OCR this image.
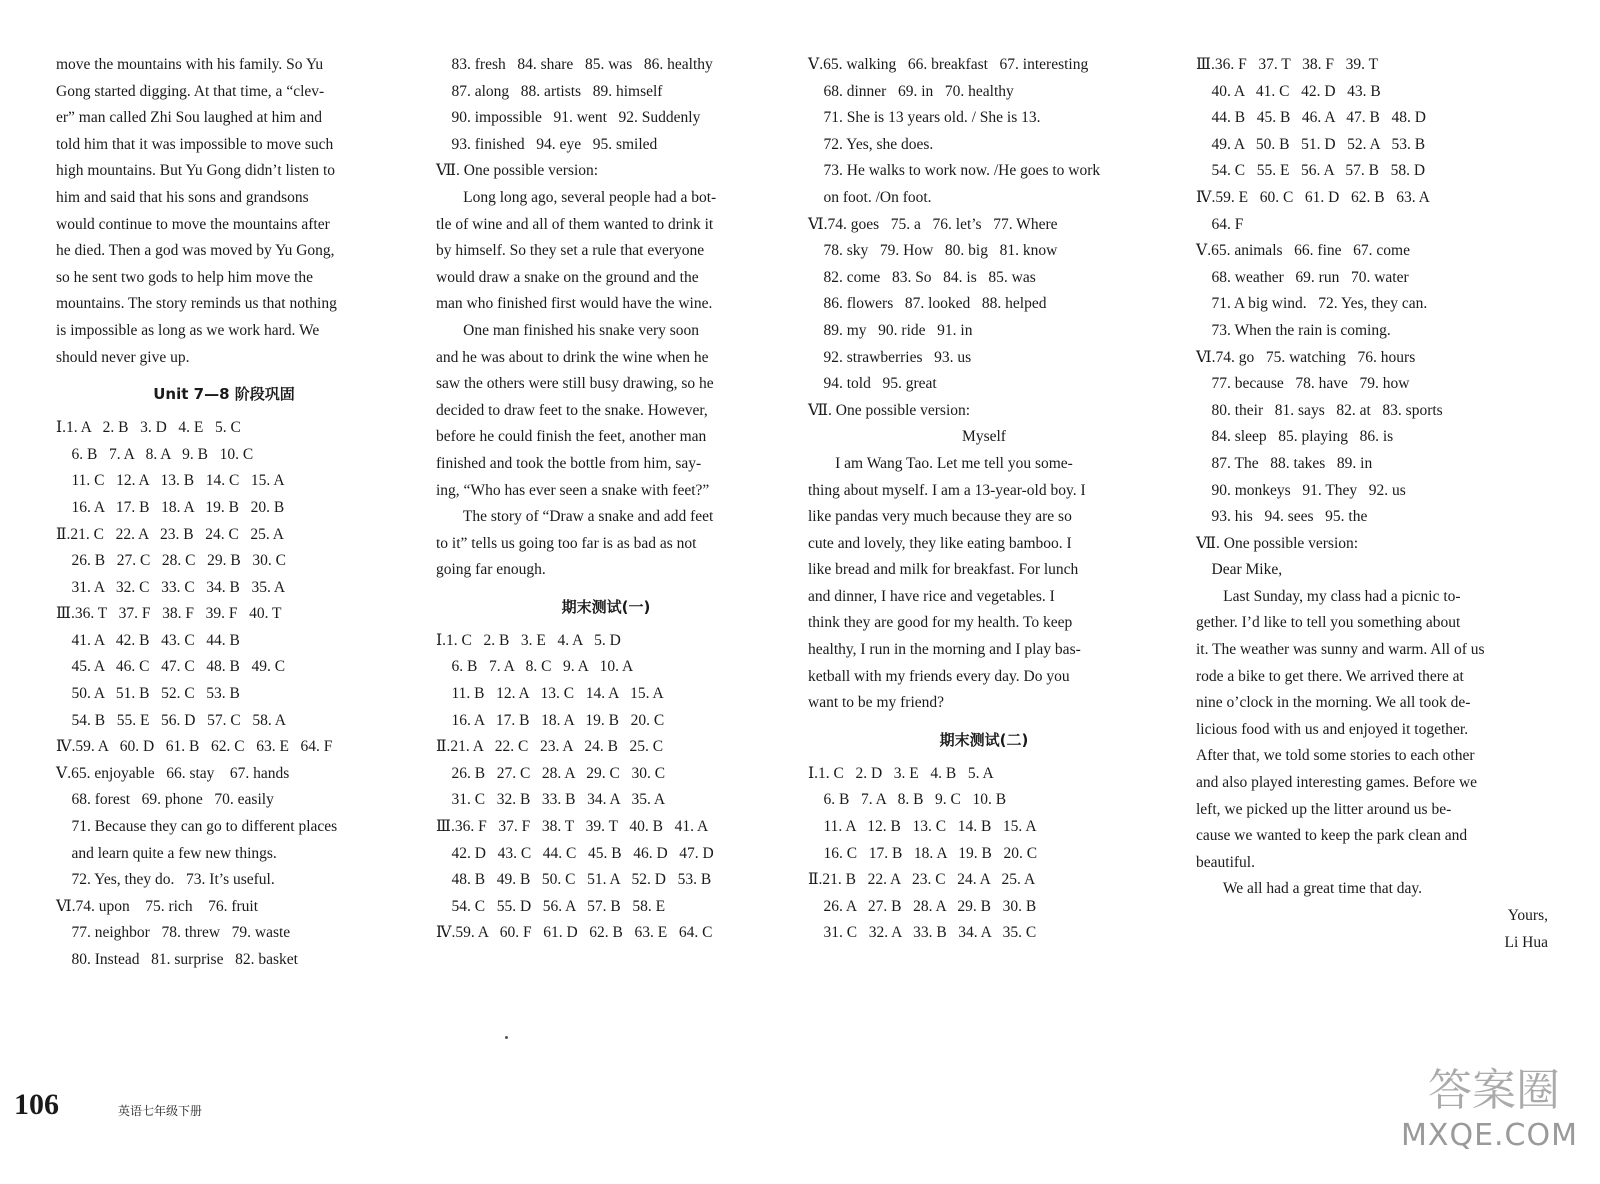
move the mountains with his family. So Yu
Gong started digging. At that time, a “clev-
er” man called Zhi Sou laughed at him and
told him that it was impossible to move such
high mountains. But Yu Gong didn’t listen to
him and said that his sons and grandsons
would continue to move the mountains after
he died. Then a god was moved by Yu Gong,
so he sent two gods to help him move the
mountains. The story reminds us that nothing
is impossible as long as we work hard. We
should never give up.
Unit 7—8 阶段巩固
Ⅰ.1. A   2. B   3. D   4. E   5. C
6. B   7. A   8. A   9. B   10. C
11. C   12. A   13. B   14. C   15. A
16. A   17. B   18. A   19. B   20. B
Ⅱ.21. C   22. A   23. B   24. C   25. A
26. B   27. C   28. C   29. B   30. C
31. A   32. C   33. C   34. B   35. A
Ⅲ.36. T   37. F   38. F   39. F   40. T
41. A   42. B   43. C   44. B
45. A   46. C   47. C   48. B   49. C
50. A   51. B   52. C   53. B
54. B   55. E   56. D   57. C   58. A
Ⅳ.59. A   60. D   61. B   62. C   63. E   64. F
Ⅴ.65. enjoyable   66. stay    67. hands
68. forest   69. phone   70. easily
71. Because they can go to different places
and learn quite a few new things.
72. Yes, they do.   73. It’s useful.
Ⅵ.74. upon    75. rich    76. fruit
77. neighbor   78. threw   79. waste
80. Instead   81. surprise   82. basket
83. fresh   84. share   85. was   86. healthy
87. along   88. artists   89. himself
90. impossible   91. went   92. Suddenly
93. finished   94. eye   95. smiled
Ⅶ. One possible version:
Long long ago, several people had a bot-
tle of wine and all of them wanted to drink it
by himself. So they set a rule that everyone
would draw a snake on the ground and the
man who finished first would have the wine.
One man finished his snake very soon
and he was about to drink the wine when he
saw the others were still busy drawing, so he
decided to draw feet to the snake. However,
before he could finish the feet, another man
finished and took the bottle from him, say-
ing, “Who has ever seen a snake with feet?”
The story of “Draw a snake and add feet
to it” tells us going too far is as bad as not
going far enough.
期末测试(一)
Ⅰ.1. C   2. B   3. E   4. A   5. D
6. B   7. A   8. C   9. A   10. A
11. B   12. A   13. C   14. A   15. A
16. A   17. B   18. A   19. B   20. C
Ⅱ.21. A   22. C   23. A   24. B   25. C
26. B   27. C   28. A   29. C   30. C
31. C   32. B   33. B   34. A   35. A
Ⅲ.36. F   37. F   38. T   39. T   40. B   41. A
42. D   43. C   44. C   45. B   46. D   47. D
48. B   49. B   50. C   51. A   52. D   53. B
54. C   55. D   56. A   57. B   58. E
Ⅳ.59. A   60. F   61. D   62. B   63. E   64. C
Ⅴ.65. walking   66. breakfast   67. interesting
68. dinner   69. in   70. healthy
71. She is 13 years old. / She is 13.
72. Yes, she does.
73. He walks to work now. /He goes to work
on foot. /On foot.
Ⅵ.74. goes   75. a   76. let’s   77. Where
78. sky   79. How   80. big   81. know
82. come   83. So   84. is   85. was
86. flowers   87. looked   88. helped
89. my   90. ride   91. in
92. strawberries   93. us
94. told   95. great
Ⅶ. One possible version:
Myself
I am Wang Tao. Let me tell you some-
thing about myself. I am a 13-year-old boy. I
like pandas very much because they are so
cute and lovely, they like eating bamboo. I
like bread and milk for breakfast. For lunch
and dinner, I have rice and vegetables. I
think they are good for my health. To keep
healthy, I run in the morning and I play bas-
ketball with my friends every day. Do you
want to be my friend?
期末测试(二)
Ⅰ.1. C   2. D   3. E   4. B   5. A
6. B   7. A   8. B   9. C   10. B
11. A   12. B   13. C   14. B   15. A
16. C   17. B   18. A   19. B   20. C
Ⅱ.21. B   22. A   23. C   24. A   25. A
26. A   27. B   28. A   29. B   30. B
31. C   32. A   33. B   34. A   35. C
Ⅲ.36. F   37. T   38. F   39. T
40. A   41. C   42. D   43. B
44. B   45. B   46. A   47. B   48. D
49. A   50. B   51. D   52. A   53. B
54. C   55. E   56. A   57. B   58. D
Ⅳ.59. E   60. C   61. D   62. B   63. A
64. F
Ⅴ.65. animals   66. fine   67. come
68. weather   69. run   70. water
71. A big wind.   72. Yes, they can.
73. When the rain is coming.
Ⅵ.74. go   75. watching   76. hours
77. because   78. have   79. how
80. their   81. says   82. at   83. sports
84. sleep   85. playing   86. is
87. The   88. takes   89. in
90. monkeys   91. They   92. us
93. his   94. sees   95. the
Ⅶ. One possible version:
Dear Mike,
Last Sunday, my class had a picnic to-
gether. I’d like to tell you something about
it. The weather was sunny and warm. All of us
rode a bike to get there. We arrived there at
nine o’clock in the morning. We all took de-
licious food with us and enjoyed it together.
After that, we told some stories to each other
and also played interesting games. Before we
left, we picked up the litter around us be-
cause we wanted to keep the park clean and
beautiful.
We all had a great time that day.
Yours,
Li Hua
106	英语七年级下册	答案圈
MXQE.COM
